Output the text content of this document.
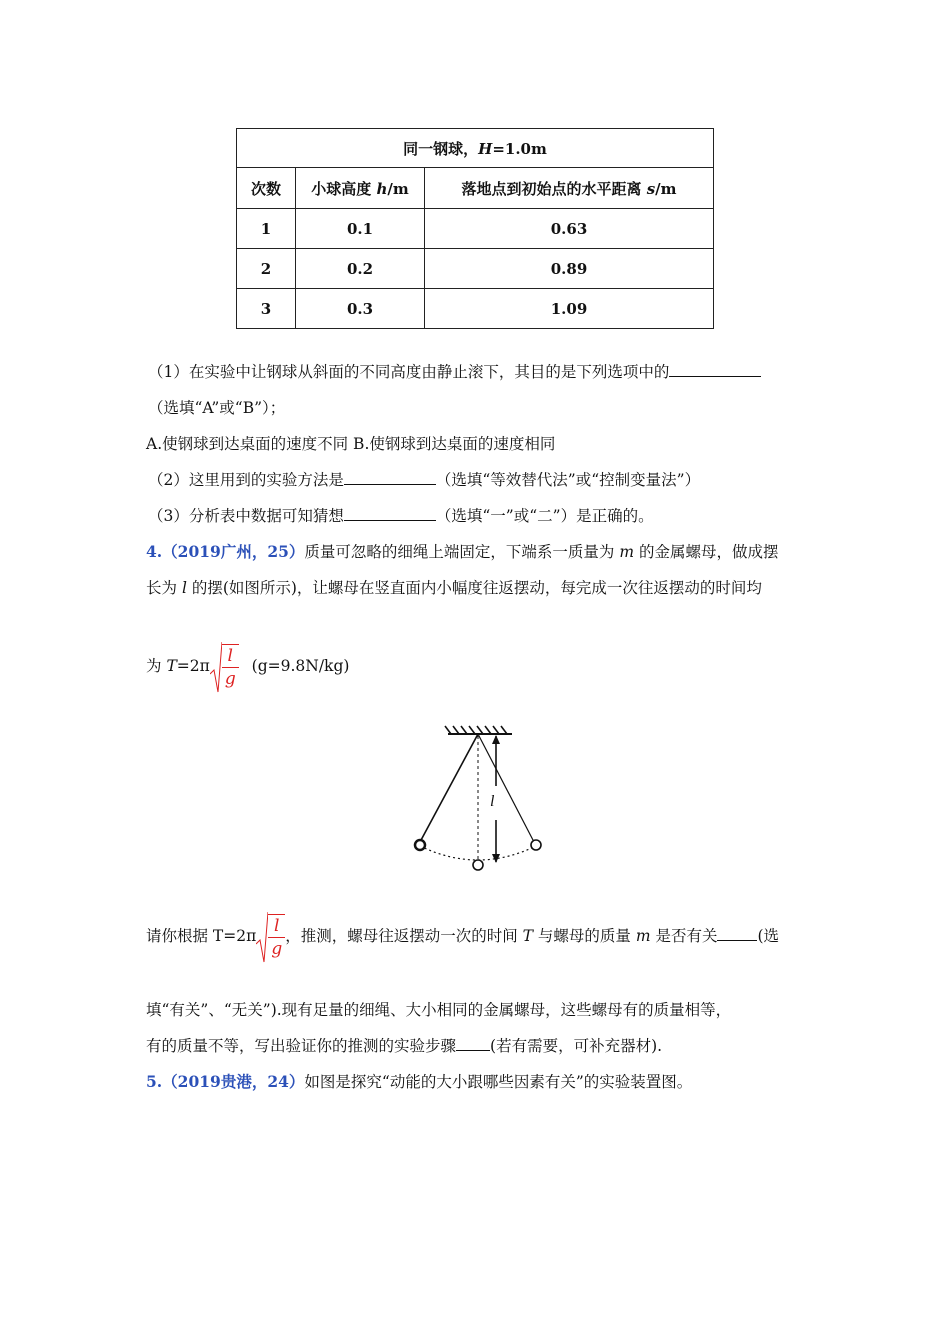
同一钢球，H=1.0m		
次数	小球高度 h/m	落地点到初始点的水平距离 s/m
1	0.1	0.63
2	0.2	0.89
3	0.3	1.09
（1）在实验中让钢球从斜面的不同高度由静止滚下，其目的是下列选项中的
（选填“A”或“B”）；
A.使钢球到达桌面的速度不同 B.使钢球到达桌面的速度相同
（2）这里用到的实验方法是	（选填“等效替代法”或“控制变量法”）
（3）分析表中数据可知猜想	（选填“一”或“二”）是正确的。
4.（2019广州，25）质量可忽略的细绳上端固定，下端系一质量为 m 的金属螺母，做成摆
长为 l 的摆(如图所示)，让螺母在竖直面内小幅度往返摆动，每完成一次往返摆动的时间均
为 $T=2\pi \frac{l}{g} (g=9.8N/kg)$
l
请你根据 $T=2\pi \frac{l}{g}$ ，推测，螺母往返摆动一次的时间 T 与螺母的质量 m 是否有关	(选
填“有关”、“无关”).现有足量的细绳、大小相同的金属螺母，这些螺母有的质量相等，
有的质量不等，写出验证你的推测的实验步骤 (若有需要，可补充器材).
5.（2019贵港，24）如图是探究“动能的大小跟哪些因素有关”的实验装置图。
